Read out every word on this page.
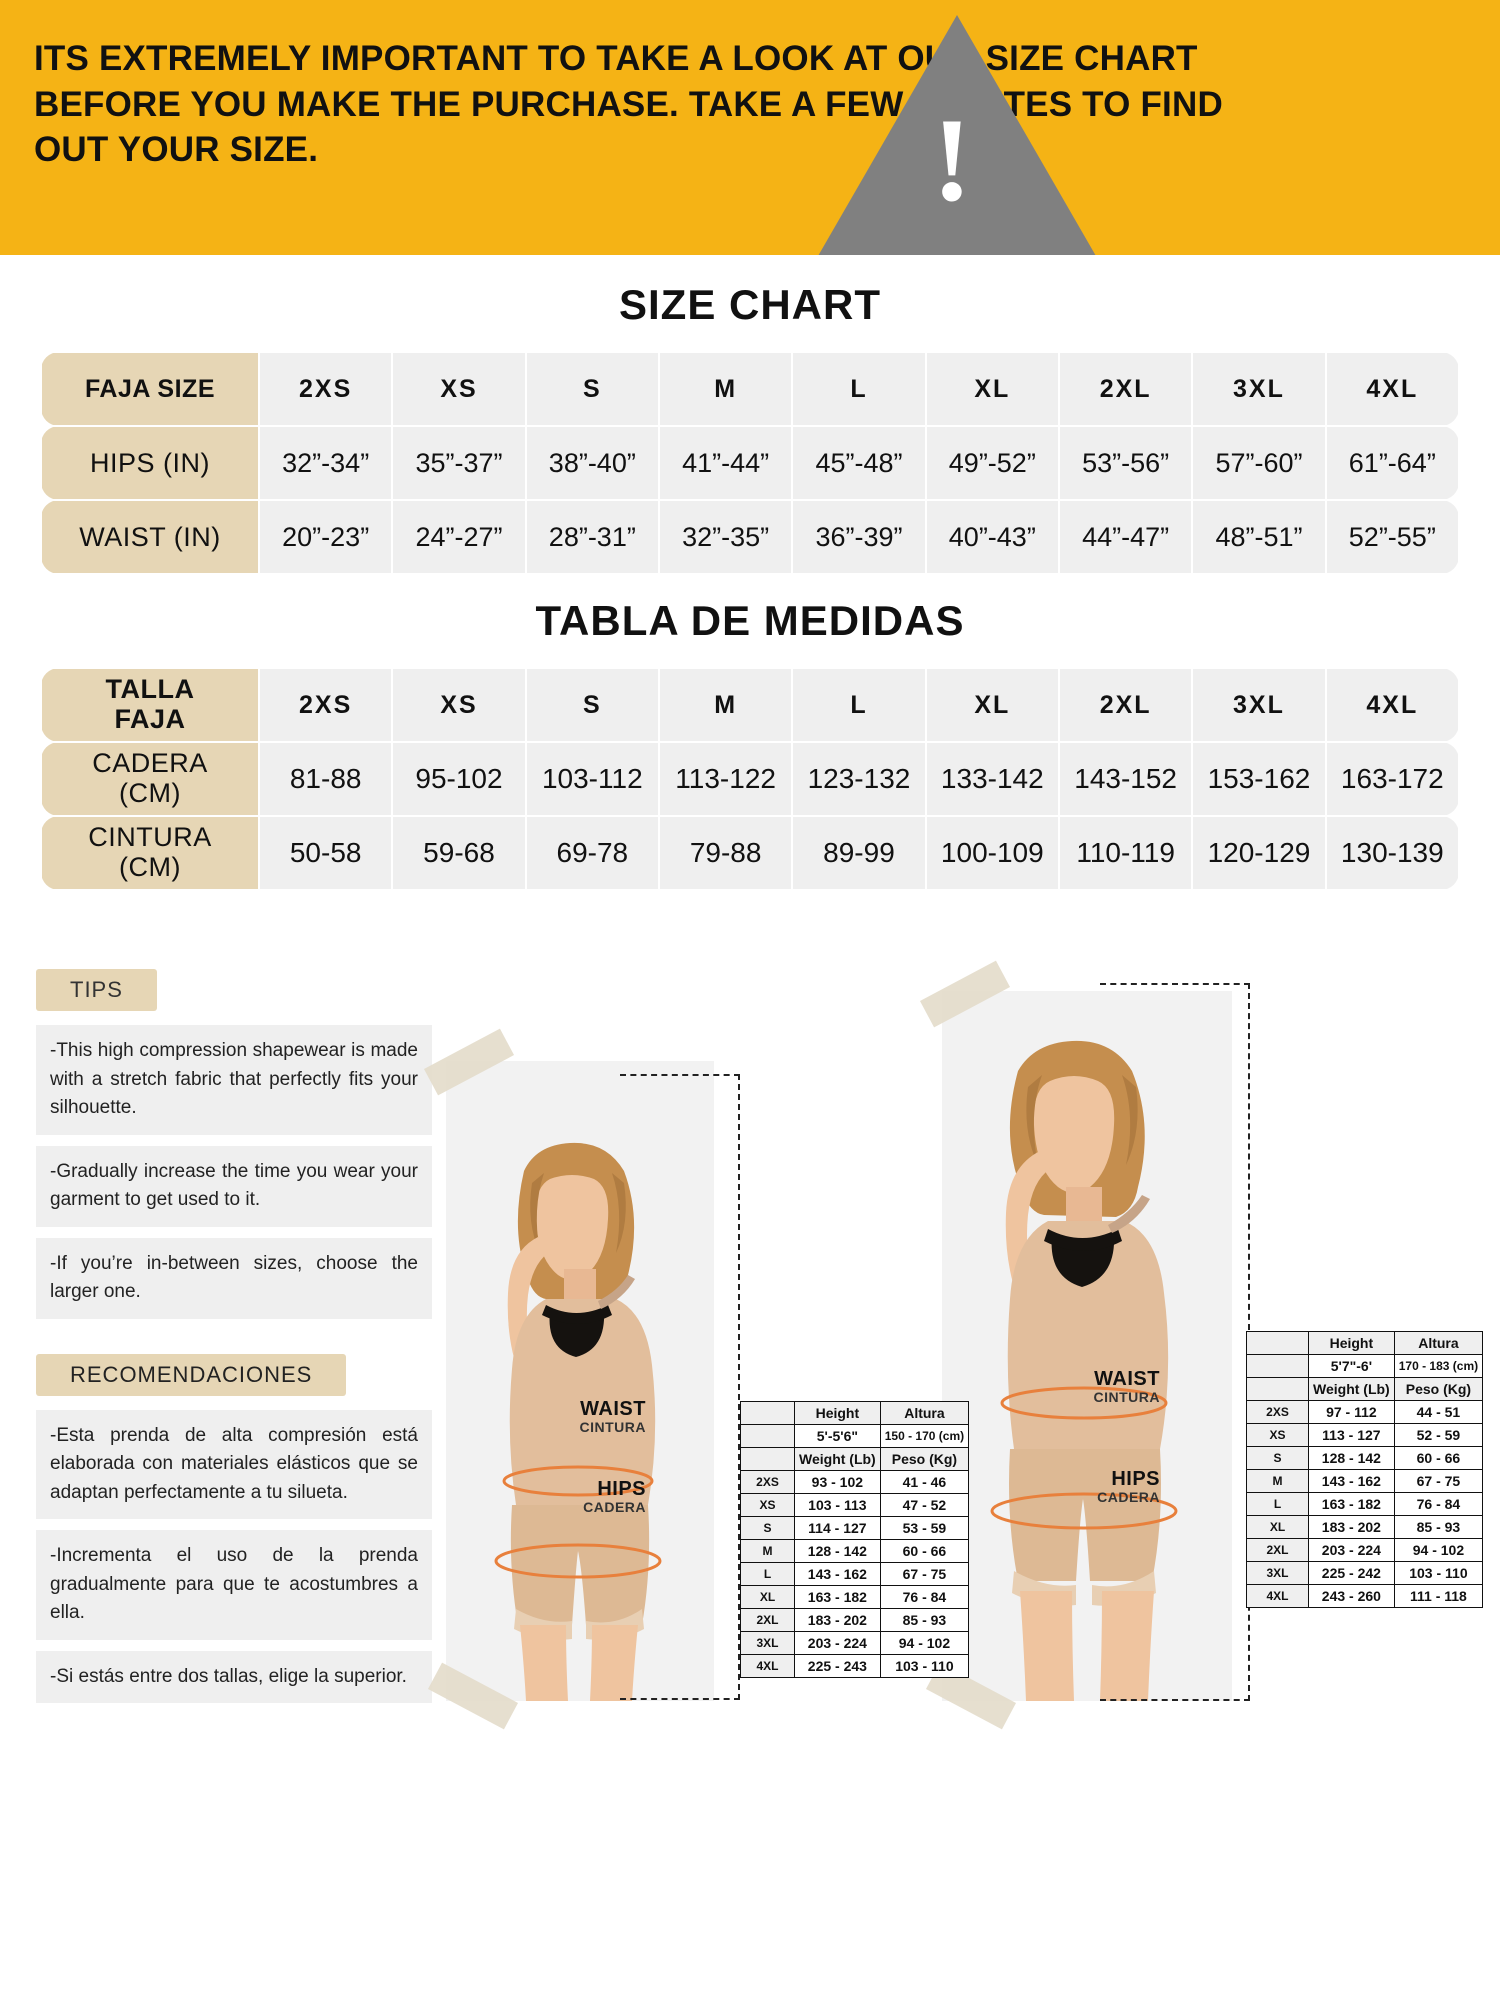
ITS EXTREMELY IMPORTANT TO TAKE A LOOK AT OUR SIZE CHART BEFORE YOU MAKE THE PURCHASE. TAKE A FEW MINUTES TO FIND OUT YOUR SIZE.	!
SIZE CHART
FAJA SIZE	2XS	XS	S	M	L	XL	2XL	3XL	4XL
HIPS (IN)	32”-34”	35”-37”	38”-40”	41”-44”	45”-48”	49”-52”	53”-56”	57”-60”	61”-64”
WAIST (IN)	20”-23”	24”-27”	28”-31”	32”-35”	36”-39”	40”-43”	44”-47”	48”-51”	52”-55”
TABLA DE MEDIDAS
TALLA
FAJA	2XS	XS	S	M	L	XL	2XL	3XL	4XL

CADERA
(CM)	81-88	95-102	103-112	113-122	123-132	133-142	143-152	153-162	163-172

CINTURA
(CM)	50-58	59-68	69-78	79-88	89-99	100-109	110-119	120-129	130-139
TIPS
-This high compression shapewear is made with a stretch fabric that perfectly fits your silhouette.
-Gradually increase the time you wear your garment to get used to it.
-If you’re in-between sizes, choose the larger one.
RECOMENDACIONES
-Esta prenda de alta compresión está elaborada con materiales elásticos que se adaptan perfectamente a tu silueta.
-Incrementa el uso de la prenda gradualmente para que te acostumbres a ella.
-Si estás entre dos tallas, elige la superior.
WAIST
CINTURA
HIPS
CADERA
WAIST
CINTURA
HIPS
CADERA
	Height	Altura
	5'-5'6"	150 - 170 (cm)
	Weight (Lb)	Peso (Kg)
2XS	93 - 102	41 - 46
XS	103 - 113	47 - 52
S	114 - 127	53 - 59
M	128 - 142	60 - 66
L	143 - 162	67 - 75
XL	163 - 182	76 - 84
2XL	183 - 202	85 - 93
3XL	203 - 224	94 - 102
4XL	225 - 243	103 - 110
	Height	Altura
	5'7"-6'	170 - 183 (cm)
	Weight (Lb)	Peso (Kg)
2XS	97 - 112	44 - 51
XS	113 - 127	52 - 59
S	128 - 142	60 - 66
M	143 - 162	67 - 75
L	163 - 182	76 - 84
XL	183 - 202	85 - 93
2XL	203 - 224	94 - 102
3XL	225 - 242	103 - 110
4XL	243 - 260	111 - 118
